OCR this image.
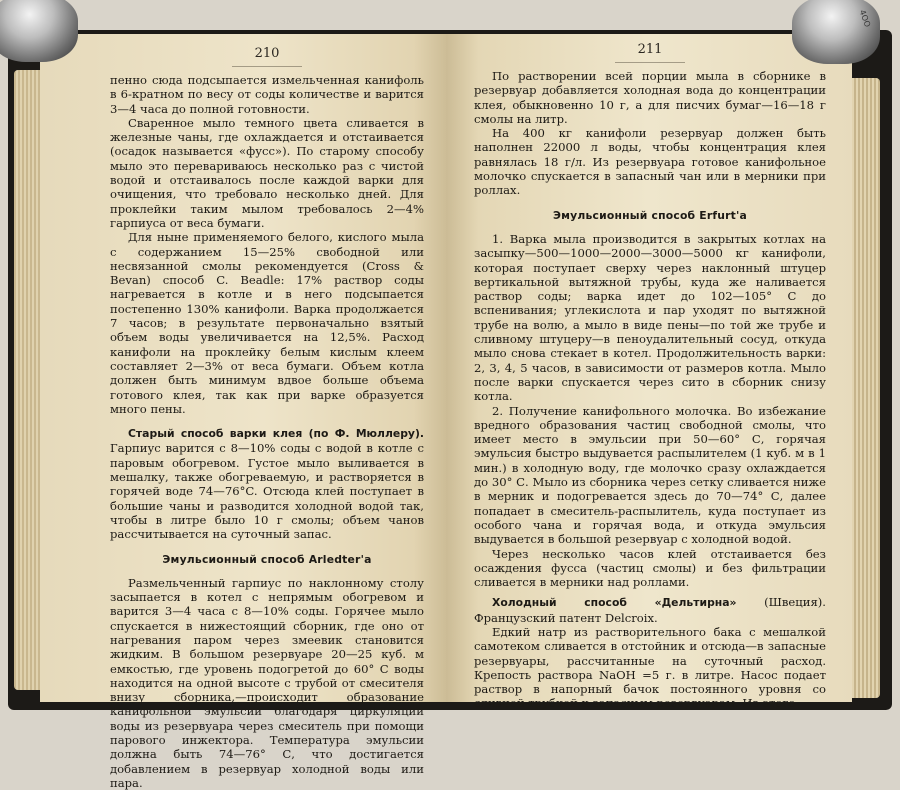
210

пенно сюда подсыпается измельченная канифоль в 6-кратном по весу от соды количестве и варится 3—4 часа до полной готовности.

Сваренное мыло темного цвета сливается в железные чаны, где охлаждается и отстаивается (осадок называется «фусс»). По старому способу мыло это перевариваюсь несколько раз с чистой водой и отстаивалось после каждой варки для очищения, что требовало несколько дней. Для проклейки таким мылом требовалось 2—4% гарпиуса от веса бумаги.

Для ныне применяемого белого, кислого мыла с содержанием 15—25% свободной или несвязанной смолы рекомендуется (Cross & Bevan) способ C. Beadle: 17% раствор соды нагревается в котле и в него подсыпается постепенно 130% канифоли. Варка продолжается 7 часов; в результате первоначально взятый объем воды увеличивается на 12,5%. Расход канифоли на проклейку белым кислым клеем составляет 2—3% от веса бумаги. Объем котла должен быть минимум вдвое больше объема готового клея, так как при варке образуется много пены.

Старый способ варки клея (по Ф. Мюллеру). Гарпиус варится с 8—10% соды с водой в котле с паровым обогревом. Густое мыло выливается в мешалку, также обогреваемую, и растворяется в горячей воде 74—76°C. Отсюда клей поступает в большие чаны и разводится холодной водой так, чтобы в литре было 10 г смолы; объем чанов рассчитывается на суточный запас.

Эмульсионный способ Arledter'a

Размельченный гарпиус по наклонному столу засыпается в котел с непрямым обогревом и варится 3—4 часа с 8—10% соды. Горячее мыло спускается в нижестоящий сборник, где оно от нагревания паром через змеевик становится жидким. В большом резервуаре 20—25 куб. м емкостью, где уровень подогретой до 60° С воды находится на одной высоте с трубой от смесителя внизу сборника,—происходит образование канифольной эмульсии благодаря циркуляции воды из резервуара через смеситель при помощи парового инжектора. Температура эмульсии должна быть 74—76° С, что достигается добавлением в резервуар холодной воды или пара.

211

По растворении всей порции мыла в сборнике в резервуар добавляется холодная вода до концентрации клея, обыкновенно 10 г, а для писчих бумаг—16—18 г смолы на литр.

На 400 кг канифоли резервуар должен быть наполнен 22000 л воды, чтобы концентрация клея равнялась 18 г/л. Из резервуара готовое канифольное молочко спускается в запасный чан или в мерники при роллах.

Эмульсионный способ Erfurt'a

1. Варка мыла производится в закрытых котлах на засыпку—500—1000—2000—3000—5000 кг канифоли, которая поступает сверху через наклонный штуцер вертикальной вытяжной трубы, куда же наливается раствор соды; варка идет до 102—105° С до вспенивания; углекислота и пар уходят по вытяжной трубе на волю, а мыло в виде пены—по той же трубе и сливному штуцеру—в пеноудалительный сосуд, откуда мыло снова стекает в котел. Продолжительность варки: 2, 3, 4, 5 часов, в зависимости от размеров котла. Мыло после варки спускается через сито в сборник снизу котла.

2. Получение канифольного молочка. Во избежание вредного образования частиц свободной смолы, что имеет место в эмульсии при 50—60° С, горячая эмульсия быстро выдувается распылителем (1 куб. м в 1 мин.) в холодную воду, где молочко сразу охлаждается до 30° С. Мыло из сборника через сетку сливается ниже в мерник и подогревается здесь до 70—74° С, далее попадает в смеситель-распылитель, куда поступает из особого чана и горячая вода, и откуда эмульсия выдувается в большой резервуар с холодной водой.

Через несколько часов клей отстаивается без осаждения фусса (частиц смолы) и без фильтрации сливается в мерники над роллами.

Холодный способ «Дельтирна» (Швеция). Французский патент Delcroix.

Едкий натр из растворительного бака с мешалкой самотеком сливается в отстойник и отсюда—в запасные резервуары, рассчитанные на суточный расход. Крепость раствора NaOH =5 г. в литре. Насос подает раствор в напорный бачок постоянного уровня со сливной трубкой к запасным резервуарам. Из этого

4ОО
